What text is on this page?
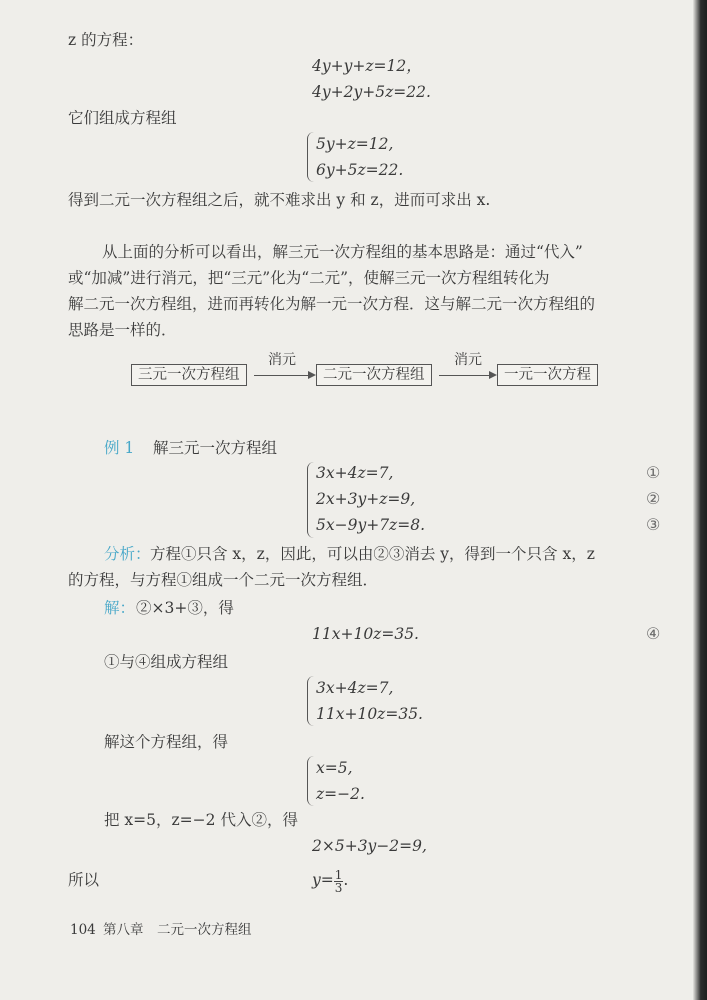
z 的方程：
4y+y+z=12，
4y+2y+5z=22.
它们组成方程组
5y+z=12,
6y+5z=22.
得到二元一次方程组之后，就不难求出 y 和 z，进而可求出 x.
从上面的分析可以看出，解三元一次方程组的基本思路是：通过“代入”
或“加减”进行消元，把“三元”化为“二元”，使解三元一次方程组转化为
解二元一次方程组，进而再转化为解一元一次方程．这与解二元一次方程组的
思路是一样的．
三元一次方程组
消元
二元一次方程组
消元
一元一次方程
例 1 解三元一次方程组
3x+4z=7,
2x+3y+z=9,
5x−9y+7z=8.
①
②
③
分析： 方程①只含 x，z，因此，可以由②③消去 y，得到一个只含 x，z
的方程，与方程①组成一个二元一次方程组．
解： ②×3+③，得
11x+10z=35.	④
①与④组成方程组
3x+4z=7,
11x+10z=35.
解这个方程组，得
x=5,
z=−2.
把 x=5，z=−2 代入②，得
2×5+3y−2=9,
所以	$y= \frac{1}{3}$ .
104 第八章　二元一次方程组
